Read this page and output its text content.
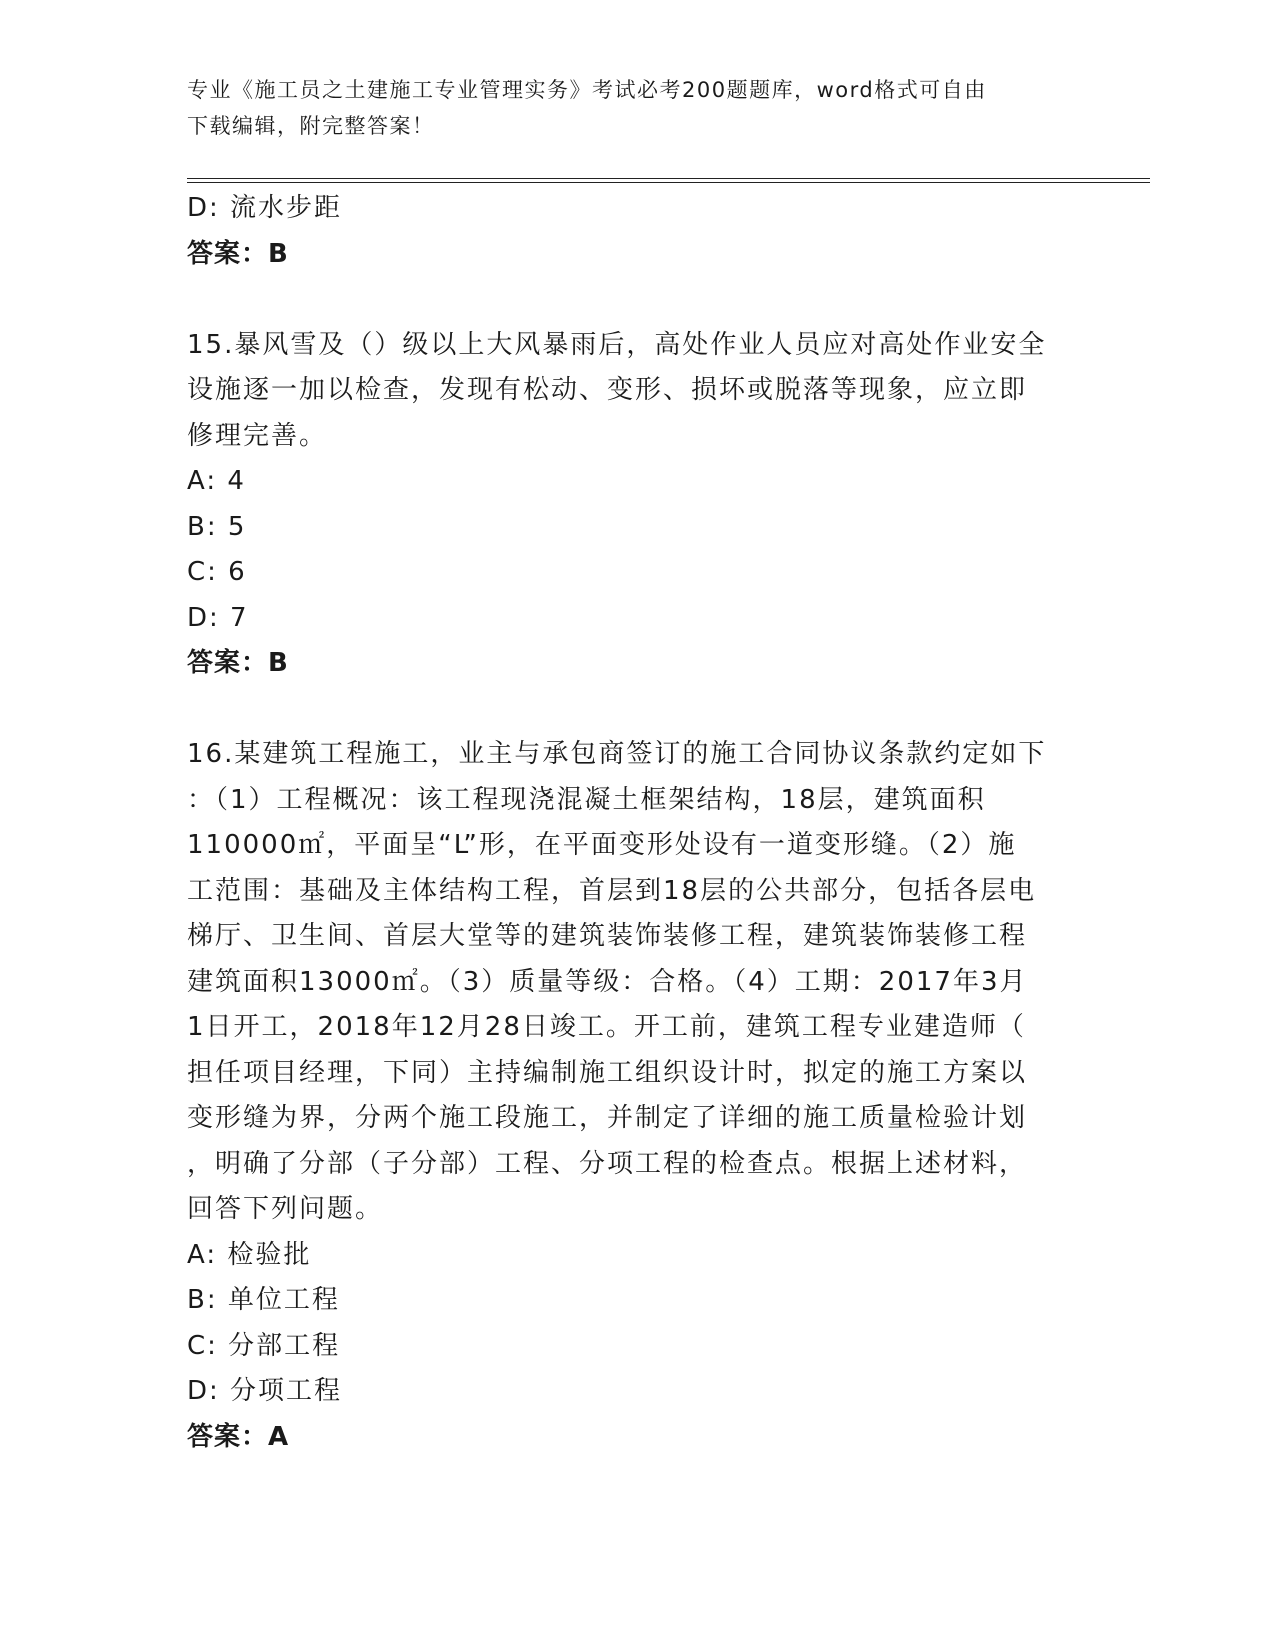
专业《施工员之土建施工专业管理实务》考试必考200题题库，word格式可自由
下载编辑，附完整答案！

D: 流水步距

答案：B

15.暴风雪及（）级以上大风暴雨后，高处作业人员应对高处作业安全

设施逐一加以检查，发现有松动、变形、损坏或脱落等现象，应立即

修理完善。

A: 4

B: 5

C: 6

D: 7

答案：B

16.某建筑工程施工，业主与承包商签订的施工合同协议条款约定如下

：（1）工程概况：该工程现浇混凝土框架结构，18层，建筑面积

110000㎡，平面呈“L”形，在平面变形处设有一道变形缝。（2）施

工范围：基础及主体结构工程，首层到18层的公共部分，包括各层电

梯厅、卫生间、首层大堂等的建筑装饰装修工程，建筑装饰装修工程

建筑面积13000㎡。（3）质量等级：合格。（4）工期：2017年3月

1日开工，2018年12月28日竣工。开工前，建筑工程专业建造师（

担任项目经理，下同）主持编制施工组织设计时，拟定的施工方案以

变形缝为界，分两个施工段施工，并制定了详细的施工质量检验计划

，明确了分部（子分部）工程、分项工程的检查点。根据上述材料，

回答下列问题。

A: 检验批

B: 单位工程

C: 分部工程

D: 分项工程

答案：A
